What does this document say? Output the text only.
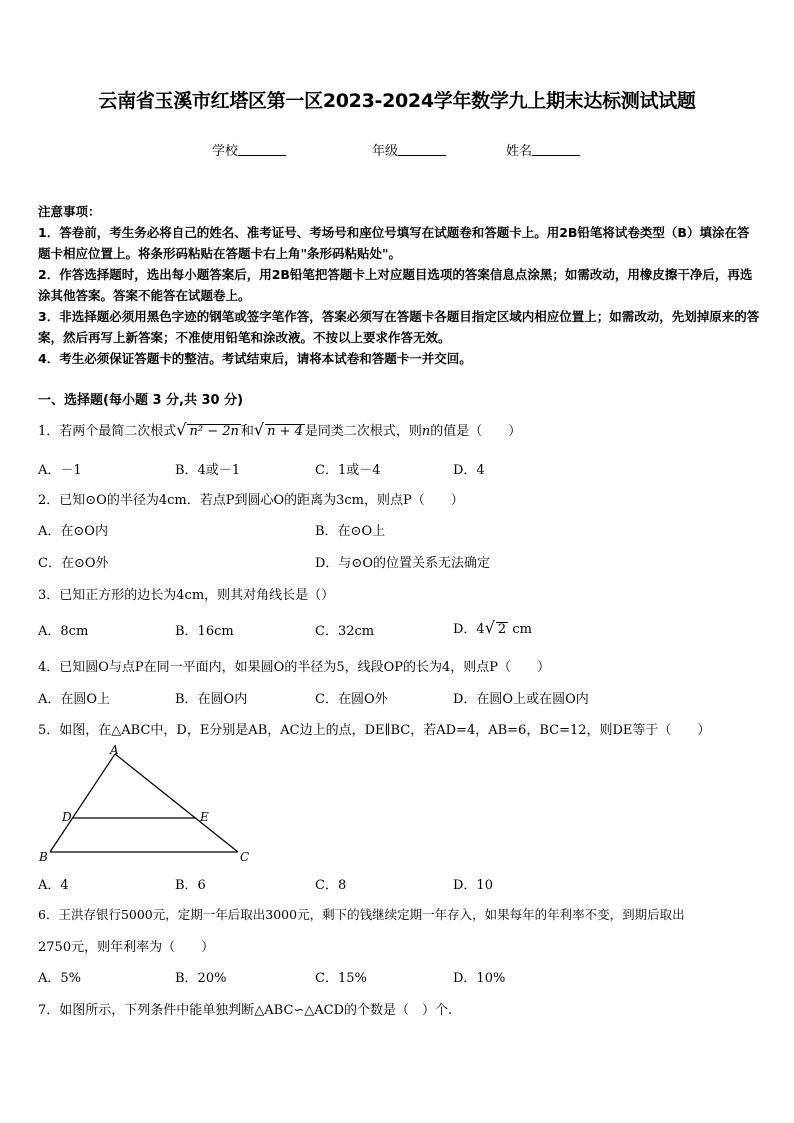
云南省玉溪市红塔区第一区2023-2024学年数学九上期末达标测试试题
学校	年级	姓名

注意事项：

1．答卷前，考生务必将自己的姓名、准考证号、考场号和座位号填写在试题卷和答题卡上。用2B铅笔将试卷类型（B）填涂在答题卡相应位置上。将条形码粘贴在答题卡右上角"条形码粘贴处"。

2．作答选择题时，选出每小题答案后，用2B铅笔把答题卡上对应题目选项的答案信息点涂黑；如需改动，用橡皮擦干净后，再选涂其他答案。答案不能答在试题卷上。

3．非选择题必须用黑色字迹的钢笔或签字笔作答，答案必须写在答题卡各题目指定区域内相应位置上；如需改动，先划掉原来的答案，然后再写上新答案；不准使用铅笔和涂改液。不按以上要求作答无效。

4．考生必须保证答题卡的整洁。考试结束后，请将本试卷和答题卡一并交回。

一、选择题(每小题 3 分,共 30 分)
1．若两个最简二次根式√ n² − 2n 和√ n + 4 是同类二次根式，则n的值是（　　）
A．－1	B．4或－1	C．1或－4	D．4
2．已知⊙O的半径为4cm．若点P到圆心O的距离为3cm，则点P（　　）
A．在⊙O内	B．在⊙O上
C．在⊙O外	D．与⊙O的位置关系无法确定
3．已知正方形的边长为4cm，则其对角线长是（）
A．8cm	B．16cm	C．32cm	D．4√ 2 cm
4．已知圆O与点P在同一平面内，如果圆O的半径为5，线段OP的长为4，则点P（　　）
A．在圆O上	B．在圆O内	C．在圆O外	D．在圆O上或在圆O内
5．如图，在△ABC中，D，E分别是AB，AC边上的点，DE∥BC，若AD=4，AB=6，BC=12，则DE等于（　　）
A
B	C
D	E
A．4	B．6	C．8	D．10
6．王洪存银行5000元，定期一年后取出3000元，剩下的钱继续定期一年存入，如果每年的年利率不变，到期后取出
2750元，则年利率为（　　）
A．5%	B．20%	C．15%	D．10%
7．如图所示，下列条件中能单独判断△ABC∽△ACD的个数是（　）个.
